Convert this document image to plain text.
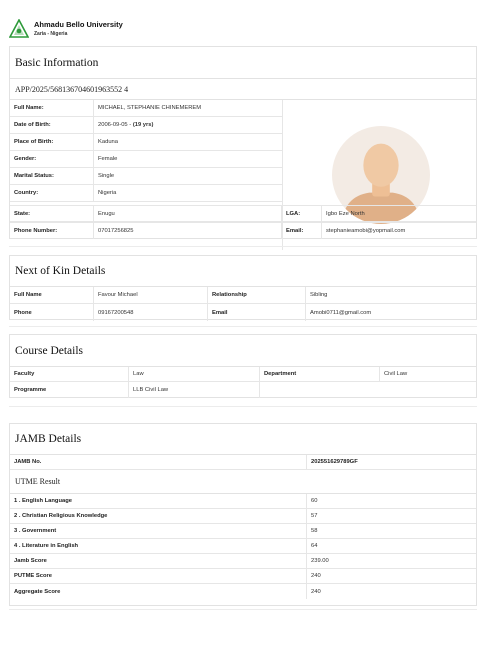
Ahmadu Bello University
Zaria - Nigeria
Basic Information
APP/2025/568136704601963552 4
Full Name:	MICHAEL, STEPHANIE CHINEMEREM
Date of Birth:	2006-09-05 - (19 yrs)
Place of Birth:	Kaduna
Gender:	Female
Marital Status:	Single
Country:	Nigeria
State:	Enugu	LGA:	Igbo Eze North
Phone Number:	07017256825	Email:	stephanieamobi@yopmail.com
Next of Kin Details
Full Name	Favour Michael	Relationship	Sibling
Phone	09167200548	Email	Amobi0711@gmail.com
Course Details
Faculty	Law	Department	Civil Law
Programme	LLB Civil Law
JAMB Details
JAMB No.	202551629789GF
UTME Result
1 . English Language	60
2 . Christian Religious Knowledge	57
3 . Government	58
4 . Literature in English	64
Jamb Score	239.00
PUTME Score	240
Aggregate Score	240
